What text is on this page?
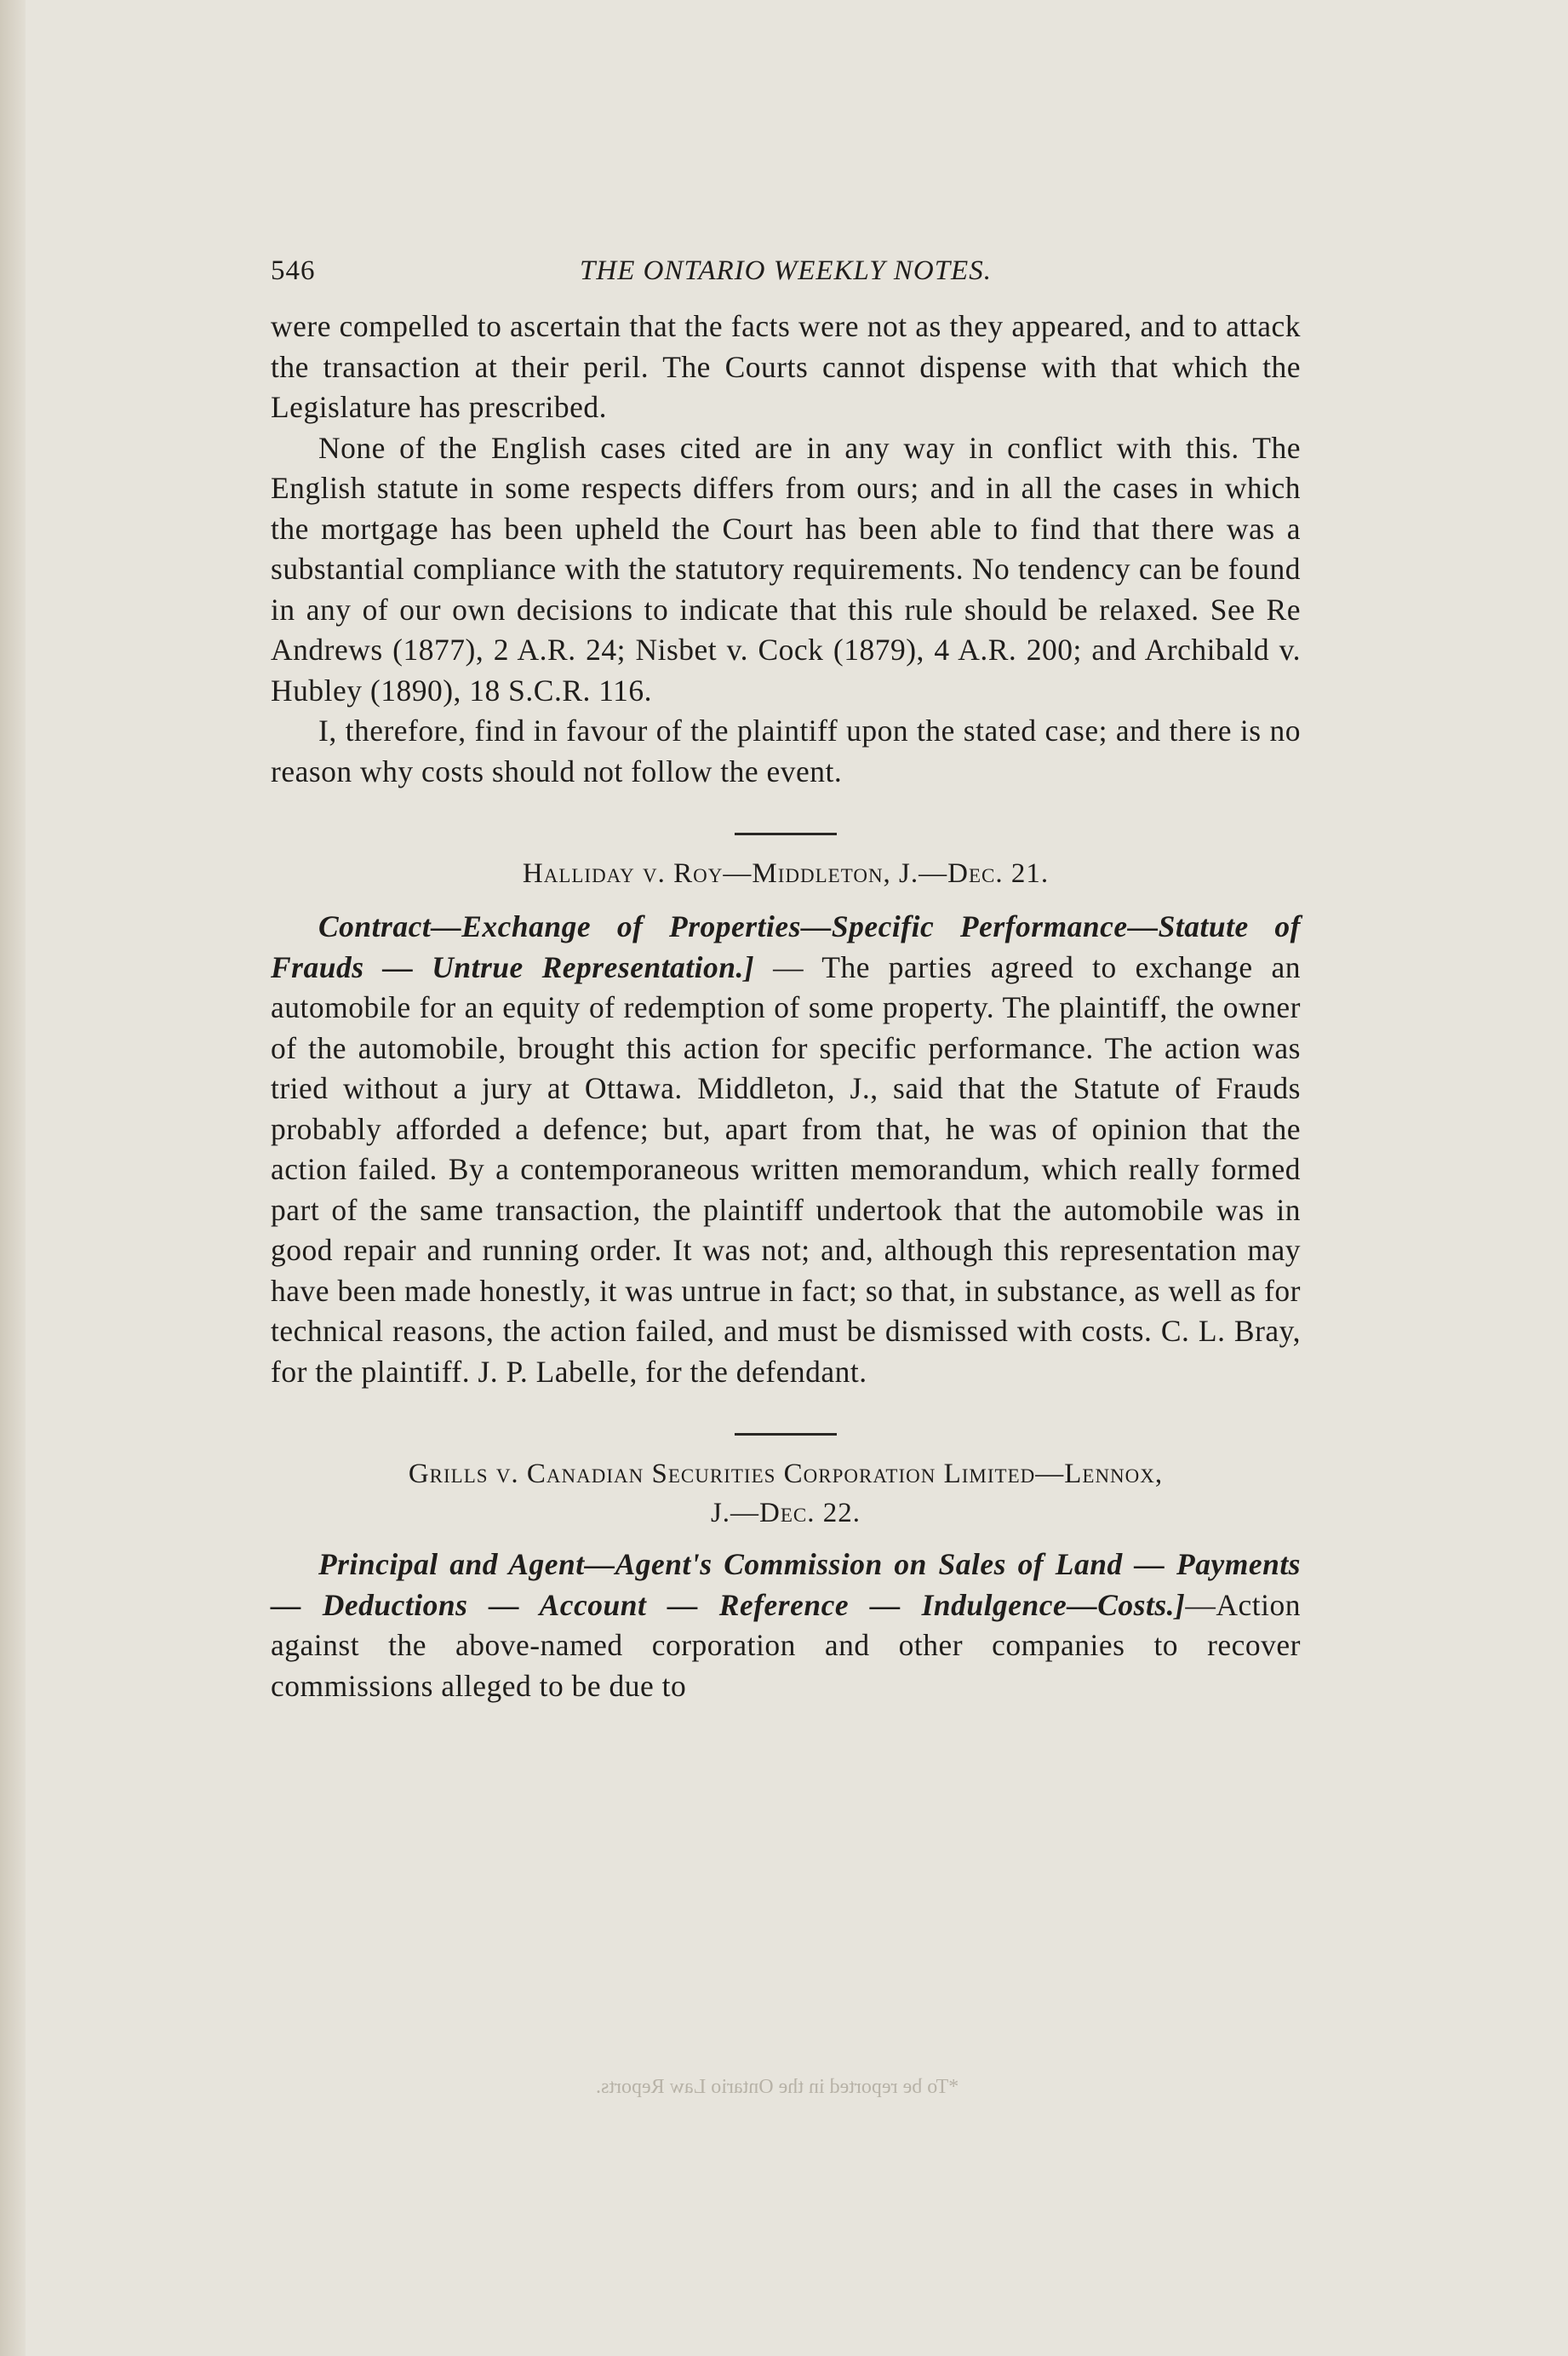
546	THE ONTARIO WEEKLY NOTES.

were compelled to ascertain that the facts were not as they appeared, and to attack the transaction at their peril. The Courts cannot dispense with that which the Legislature has prescribed.

None of the English cases cited are in any way in conflict with this. The English statute in some respects differs from ours; and in all the cases in which the mortgage has been upheld the Court has been able to find that there was a substantial compliance with the statutory requirements. No tendency can be found in any of our own decisions to indicate that this rule should be relaxed. See Re Andrews (1877), 2 A.R. 24; Nisbet v. Cock (1879), 4 A.R. 200; and Archibald v. Hubley (1890), 18 S.C.R. 116.

I, therefore, find in favour of the plaintiff upon the stated case; and there is no reason why costs should not follow the event.

Halliday v. Roy—Middleton, J.—Dec. 21.

Contract—Exchange of Properties—Specific Performance—Statute of Frauds — Untrue Representation.] — The parties agreed to exchange an automobile for an equity of redemption of some property. The plaintiff, the owner of the automobile, brought this action for specific performance. The action was tried without a jury at Ottawa. Middleton, J., said that the Statute of Frauds probably afforded a defence; but, apart from that, he was of opinion that the action failed. By a contemporaneous written memorandum, which really formed part of the same transaction, the plaintiff undertook that the automobile was in good repair and running order. It was not; and, although this representation may have been made honestly, it was untrue in fact; so that, in substance, as well as for technical reasons, the action failed, and must be dismissed with costs. C. L. Bray, for the plaintiff. J. P. Labelle, for the defendant.

Grills v. Canadian Securities Corporation Limited—Lennox,
J.—Dec. 22.

Principal and Agent—Agent's Commission on Sales of Land — Payments — Deductions — Account — Reference — Indulgence—Costs.]—Action against the above-named corporation and other companies to recover commissions alleged to be due to

*To be reported in the Ontario Law Reports.
